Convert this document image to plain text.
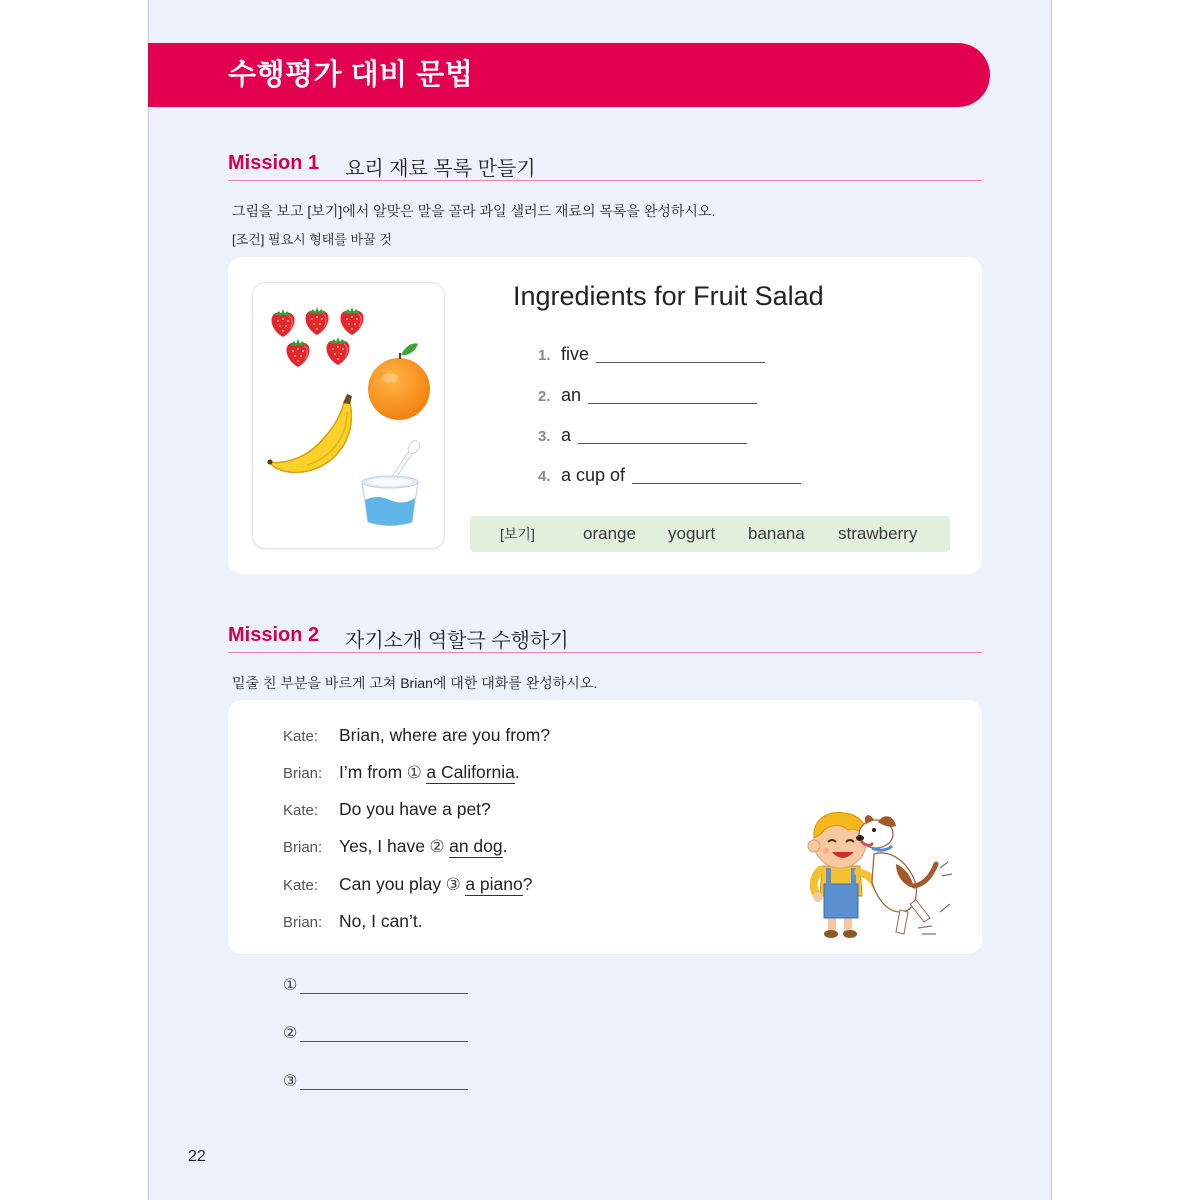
수행평가 대비 문법
Mission 1 요리 재료 목록 만들기
그림을 보고 [보기]에서 알맞은 말을 골라 과일 샐러드 재료의 목록을 완성하시오.
[조건] 필요시 형태를 바꿀 것
Ingredients for Fruit Salad
1. five
2. an
3. a
4. a cup of
[보기]	orange yogurt banana strawberry
Mission 2 자기소개 역할극 수행하기
밑줄 친 부분을 바르게 고쳐 Brian에 대한 대화를 완성하시오.
Kate: Brian, where are you from?
Brian: I’m from ① a California.
Kate: Do you have a pet?
Brian: Yes, I have ② an dog.
Kate: Can you play ③ a piano?
Brian: No, I can’t.
①
②
③
22
